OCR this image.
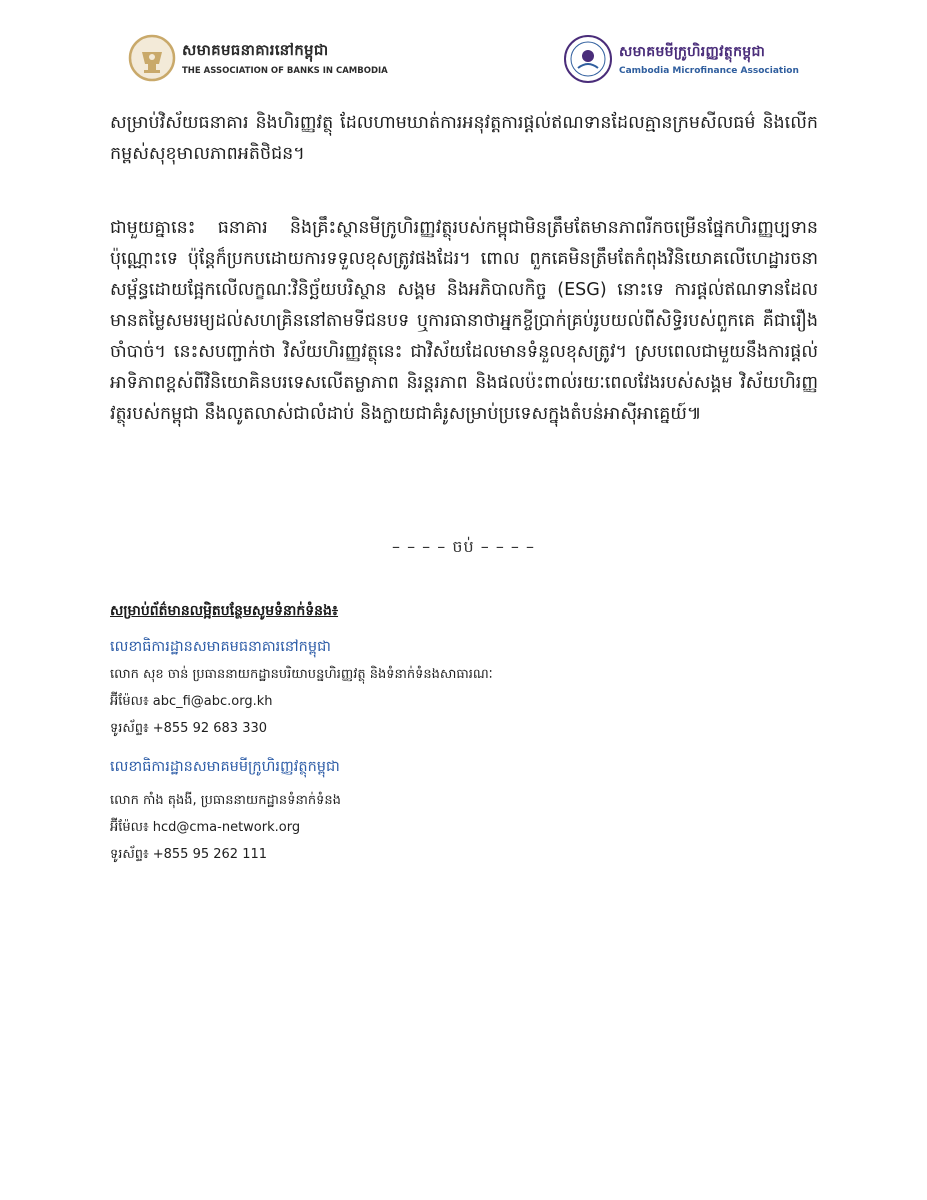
សមាគមធនាគារនៅកម្ពុជា
THE ASSOCIATION OF BANKS IN CAMBODIA
សមាគមមីក្រូហិរញ្ញវត្ថុកម្ពុជា
Cambodia Microfinance Association
សម្រាប់វិស័យធនាគារ និងហិរញ្ញវត្ថុ ដែលហាមឃាត់ការអនុវត្តការផ្តល់ឥណទានដែលគ្មានក្រមសីលធម៌ និងលើកកម្ពស់សុខុមាលភាពអតិថិជន។
ជាមួយគ្នានេះ ធនាគារ និងគ្រឹះស្ថានមីក្រូហិរញ្ញវត្ថុរបស់កម្ពុជាមិនត្រឹមតែមានភាពរីកចម្រើនផ្នែកហិរញ្ញប្បទានប៉ុណ្ណោះទេ ប៉ុន្តែក៏ប្រកបដោយការទទួលខុសត្រូវផងដែរ។ ពោល ពួកគេមិនត្រឹមតែកំពុងវិនិយោគលើហេដ្ឋារចនាសម្ព័ន្ធដោយផ្អែកលើលក្ខណៈវិនិច្ឆ័យបរិស្ថាន សង្គម និងអភិបាលកិច្ច (ESG) នោះទេ ការផ្តល់ឥណទានដែលមានតម្លៃសមរម្យដល់សហគ្រិននៅតាមទីជនបទ ឬការធានាថាអ្នកខ្ចីប្រាក់គ្រប់រូបយល់ពីសិទ្ធិរបស់ពួកគេ គឺជារឿងចាំបាច់។ នេះសបញ្ជាក់ថា វិស័យហិរញ្ញវត្ថុនេះ ជាវិស័យដែលមានទំនួលខុសត្រូវ។ ស្របពេលជាមួយនឹងការផ្តល់អាទិភាពខ្ពស់ពីវិនិយោគិនបរទេសលើតម្លាភាព និរន្តរភាព និងផលប៉ះពាល់រយៈពេលវែងរបស់សង្គម វិស័យហិរញ្ញវត្ថុរបស់កម្ពុជា នឹងលូតលាស់ជាលំដាប់ និងក្លាយជាគំរូសម្រាប់ប្រទេសក្នុងតំបន់អាស៊ីអាគ្នេយ៍៕
– – – – ចប់ – – – –
សម្រាប់ព័ត៌មានលម្អិតបន្ថែមសូមទំនាក់ទំនង៖
លេខាធិការដ្ឋានសមាគមធនាគារនៅកម្ពុជា
លោក សុខ ចាន់ ប្រធាននាយកដ្ឋានបរិយាបន្នហិរញ្ញវត្ថុ និងទំនាក់ទំនងសាធារណៈ
អ៊ីម៉ែល៖ abc_fi@abc.org.kh
ទូរស័ព្ទ៖ +855 92 683 330
លេខាធិការដ្ឋានសមាគមមីក្រូហិរញ្ញវត្ថុកម្ពុជា
លោក កាំង តុងងី, ប្រធាននាយកដ្ឋានទំនាក់ទំនង
អ៊ីម៉ែល៖ hcd@cma-network.org
ទូរស័ព្ទ៖ +855 95 262 111
